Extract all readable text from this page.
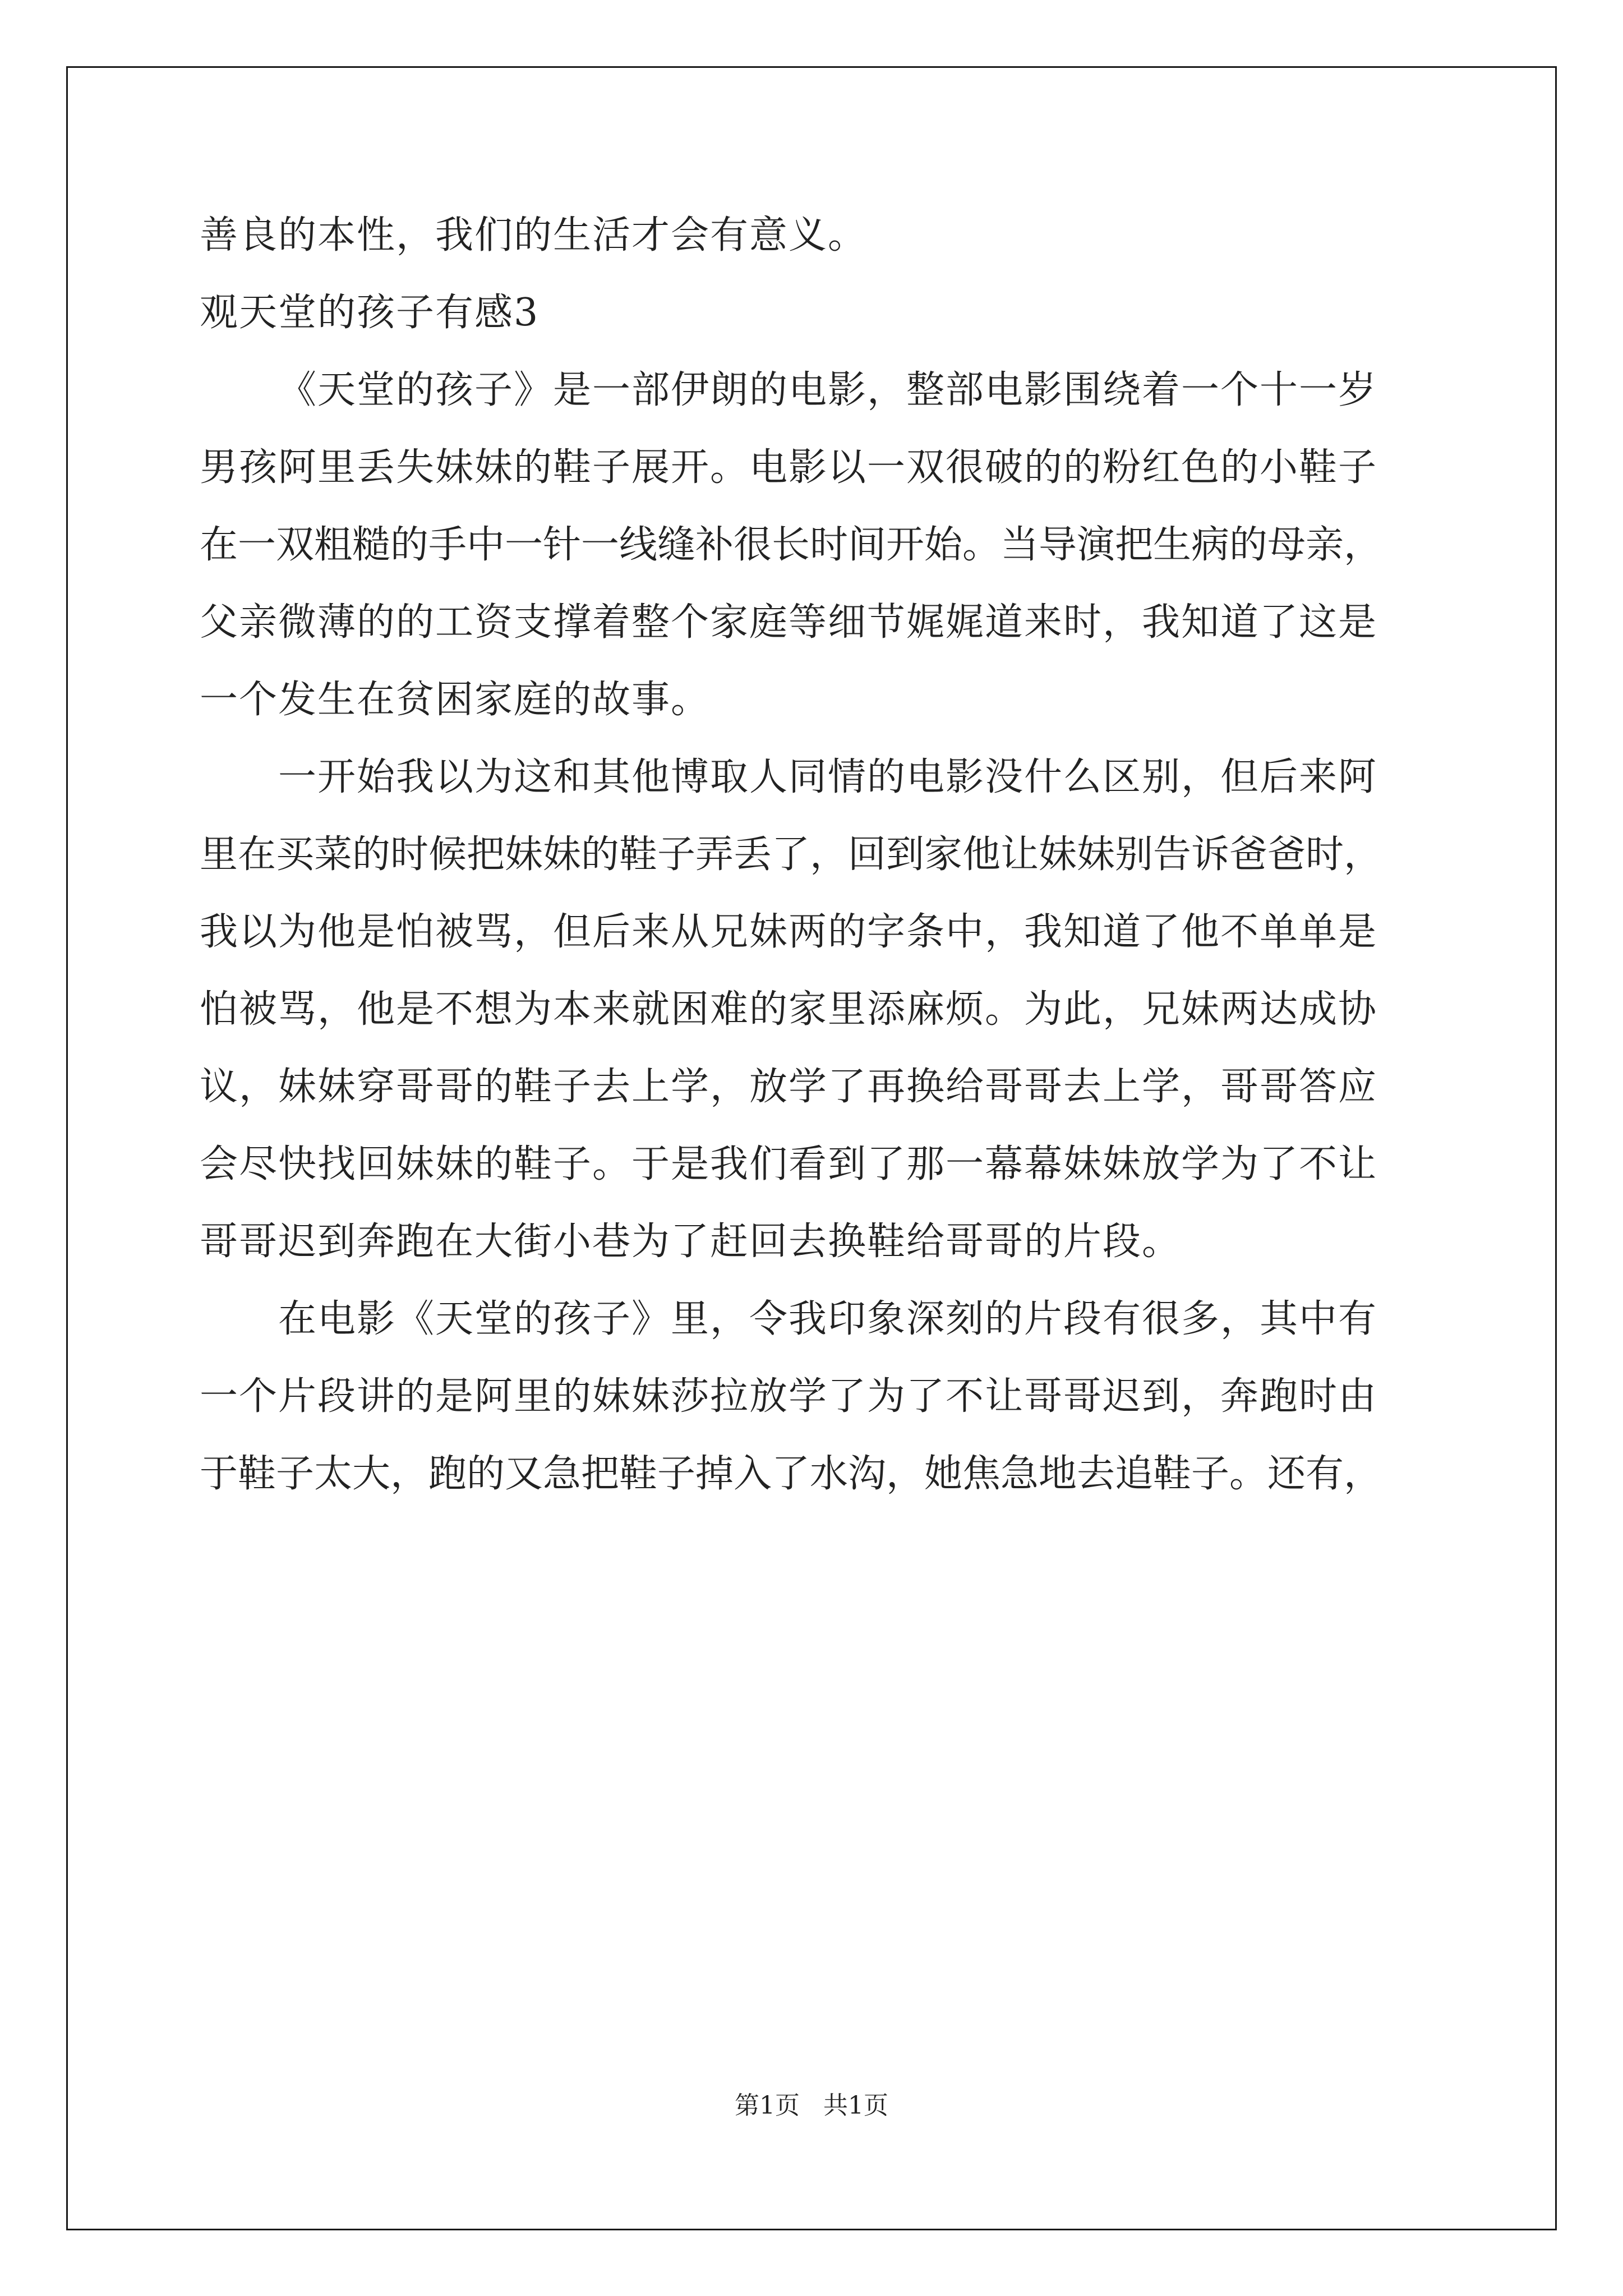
善良的本性，我们的生活才会有意义。
观天堂的孩子有感3
《天堂的孩子》是一部伊朗的电影，整部电影围绕着一个十一岁
男孩阿里丢失妹妹的鞋子展开。电影以一双很破的的粉红色的小鞋子
在一双粗糙的手中一针一线缝补很长时间开始。当导演把生病的母亲，
父亲微薄的的工资支撑着整个家庭等细节娓娓道来时，我知道了这是
一个发生在贫困家庭的故事。
一开始我以为这和其他博取人同情的电影没什么区别，但后来阿
里在买菜的时候把妹妹的鞋子弄丢了，回到家他让妹妹别告诉爸爸时，
我以为他是怕被骂，但后来从兄妹两的字条中，我知道了他不单单是
怕被骂，他是不想为本来就困难的家里添麻烦。为此，兄妹两达成协
议，妹妹穿哥哥的鞋子去上学，放学了再换给哥哥去上学，哥哥答应
会尽快找回妹妹的鞋子。于是我们看到了那一幕幕妹妹放学为了不让
哥哥迟到奔跑在大街小巷为了赶回去换鞋给哥哥的片段。
在电影《天堂的孩子》里，令我印象深刻的片段有很多，其中有
一个片段讲的是阿里的妹妹莎拉放学了为了不让哥哥迟到，奔跑时由
于鞋子太大，跑的又急把鞋子掉入了水沟，她焦急地去追鞋子。还有，
第1页   共1页
